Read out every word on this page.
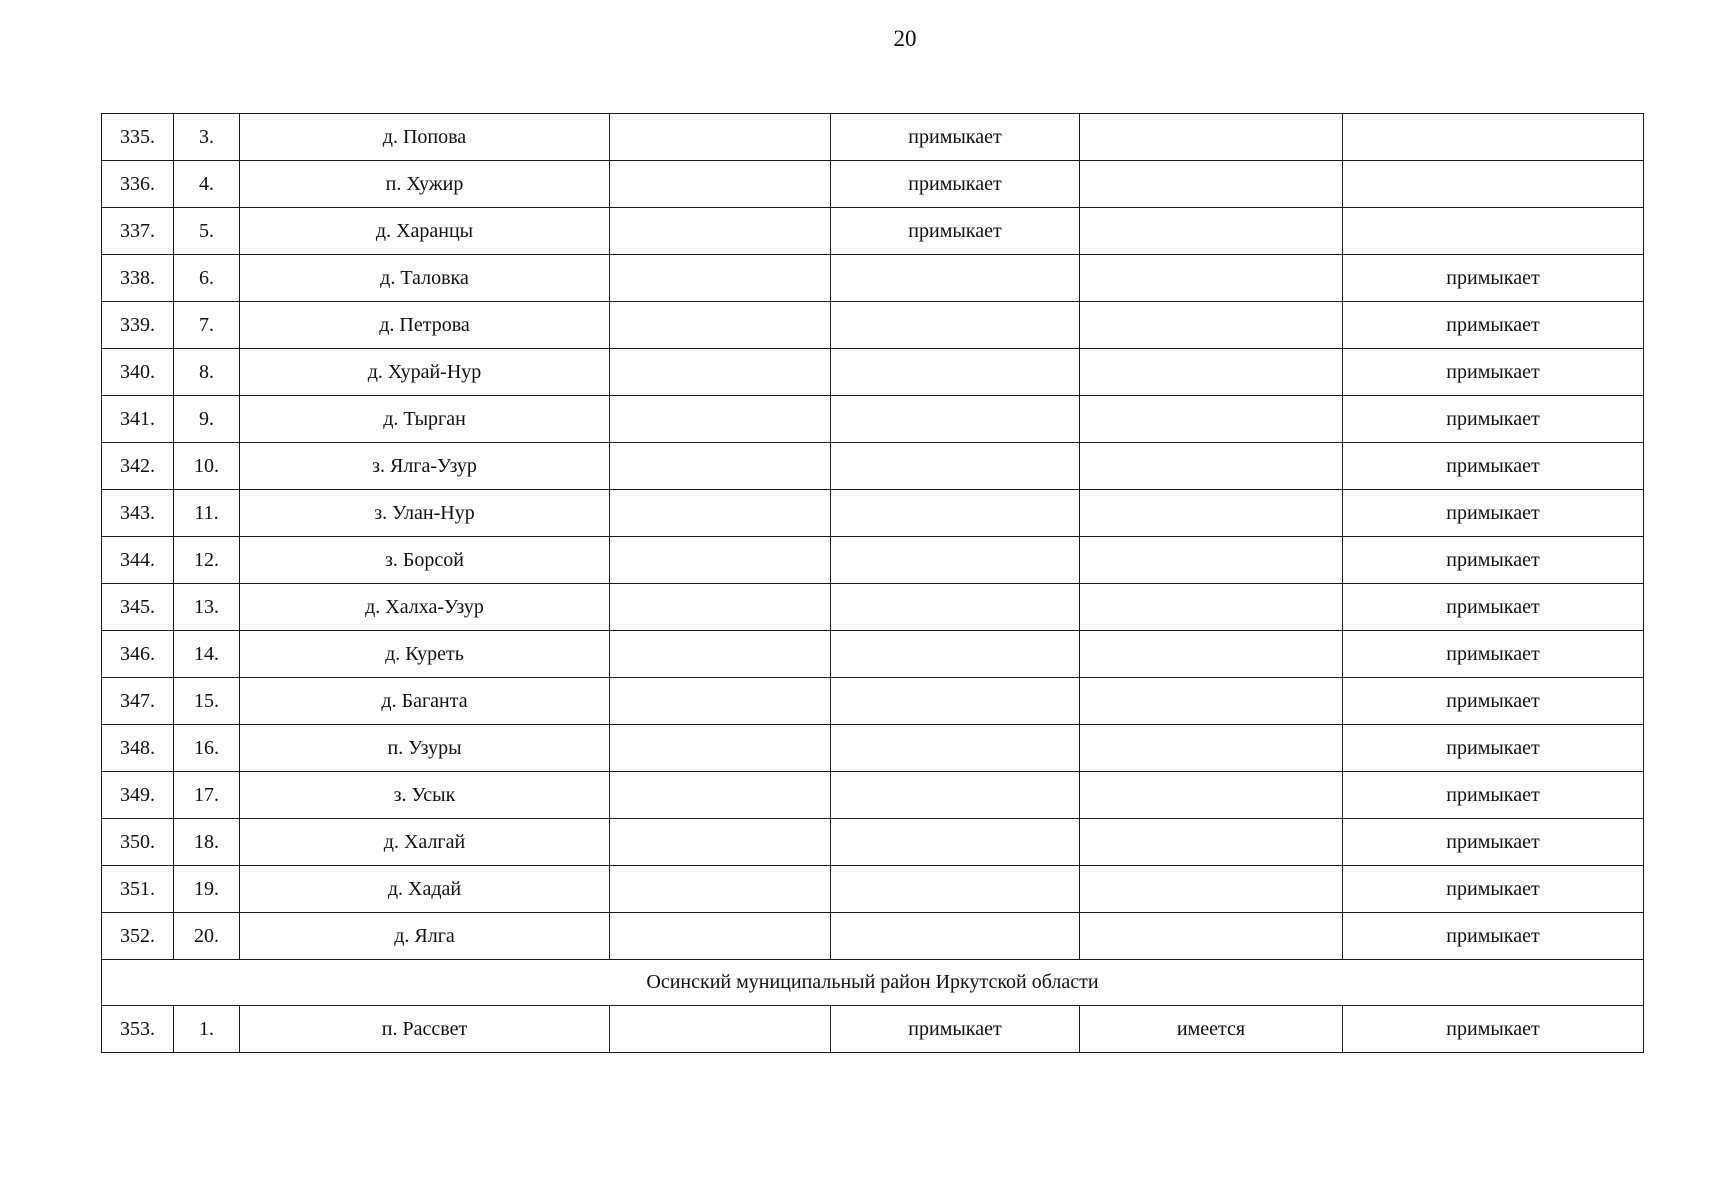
20
335.	3.	д. Попова		примыкает		
336.	4.	п. Хужир		примыкает		
337.	5.	д. Харанцы		примыкает		
338.	6.	д. Таловка				примыкает
339.	7.	д. Петрова				примыкает
340.	8.	д. Хурай-Нур				примыкает
341.	9.	д. Тырган				примыкает
342.	10.	з. Ялга-Узур				примыкает
343.	11.	з. Улан-Нур				примыкает
344.	12.	з. Борсой				примыкает
345.	13.	д. Халха-Узур				примыкает
346.	14.	д. Куреть				примыкает
347.	15.	д. Баганта				примыкает
348.	16.	п. Узуры				примыкает
349.	17.	з. Усык				примыкает
350.	18.	д. Халгай				примыкает
351.	19.	д. Хадай				примыкает
352.	20.	д. Ялга				примыкает
Осинский муниципальный район Иркутской области						
353.	1.	п. Рассвет		примыкает	имеется	примыкает
